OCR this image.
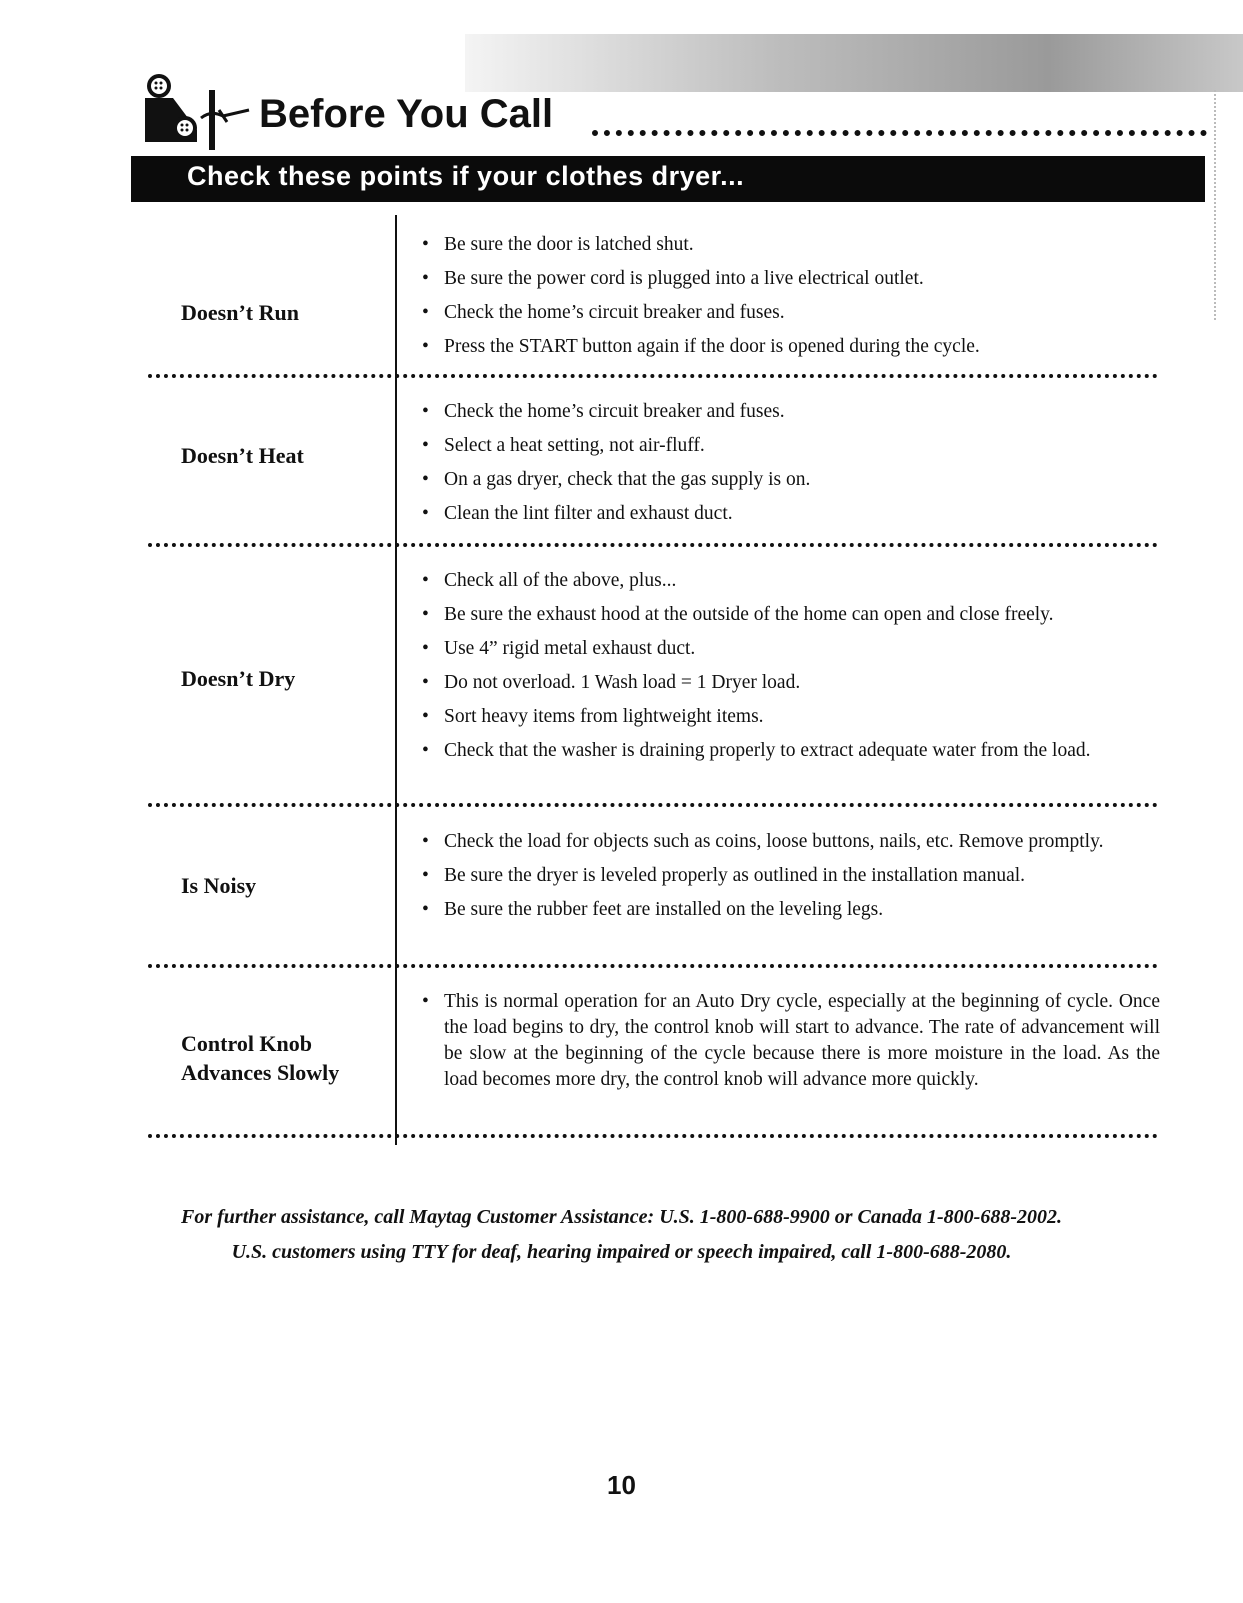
Before You Call
Check these points if your clothes dryer...
Doesn’t Run
• Be sure the door is latched shut.
• Be sure the power cord is plugged into a live electrical outlet.
• Check the home’s circuit breaker and fuses.
• Press the START button again if the door is opened during the cycle.
Doesn’t Heat
• Check the home’s circuit breaker and fuses.
• Select a heat setting, not air-fluff.
• On a gas dryer, check that the gas supply is on.
• Clean the lint filter and exhaust duct.
Doesn’t Dry
• Check all of the above, plus...
• Be sure the exhaust hood at the outside of the home can open and close freely.
• Use 4” rigid metal exhaust duct.
• Do not overload. 1 Wash load = 1 Dryer load.
• Sort heavy items from lightweight items.
• Check that the washer is draining properly to extract adequate water from the load.
Is Noisy
• Check the load for objects such as coins, loose buttons, nails, etc. Remove promptly.
• Be sure the dryer is leveled properly as outlined in the installation manual.
• Be sure the rubber feet are installed on the leveling legs.
Control Knob
Advances Slowly
• This is normal operation for an Auto Dry cycle, especially at the beginning of cycle. Once the load begins to dry, the control knob will start to advance. The rate of advancement will be slow at the beginning of the cycle because there is more moisture in the load. As the load becomes more dry, the control knob will advance more quickly.
For further assistance, call Maytag Customer Assistance: U.S. 1-800-688-9900 or Canada 1-800-688-2002.
U.S. customers using TTY for deaf, hearing impaired or speech impaired, call 1-800-688-2080.
10
